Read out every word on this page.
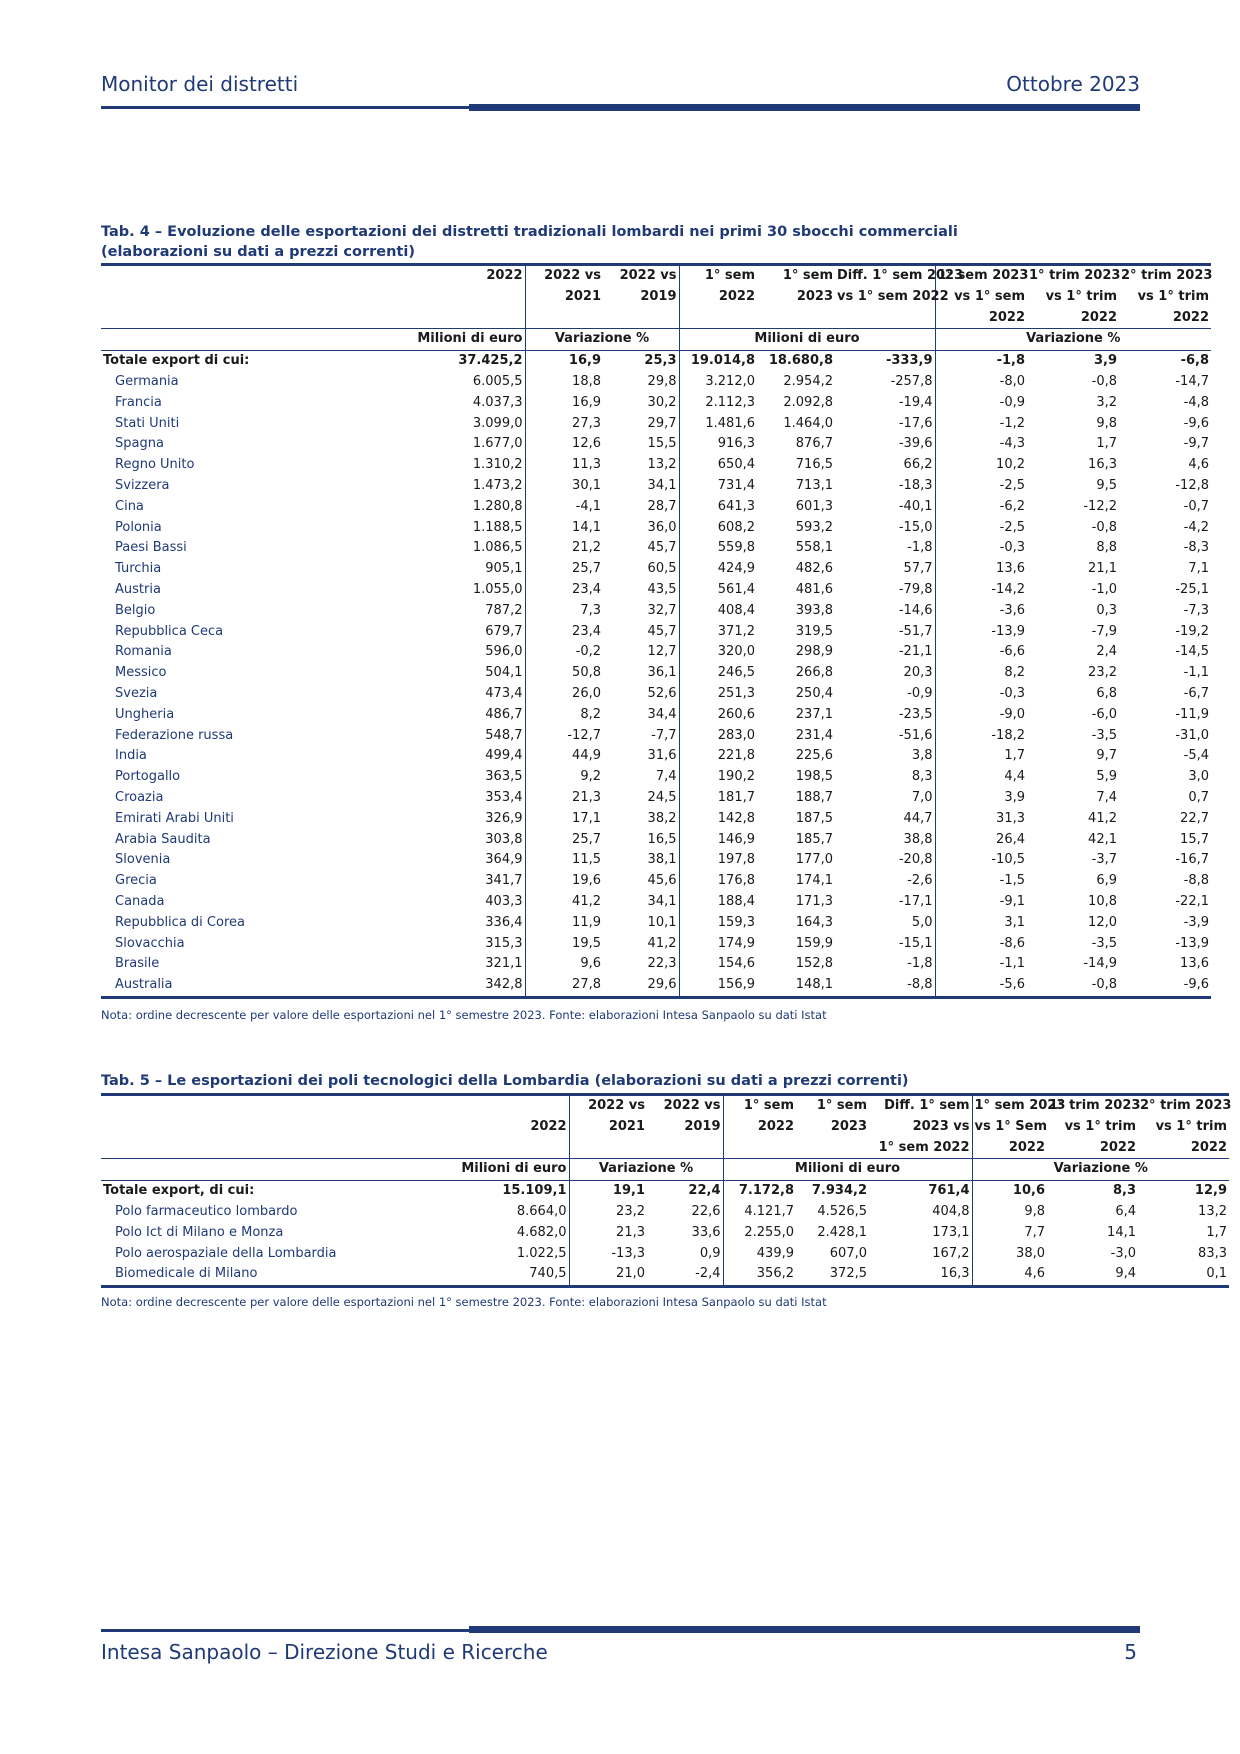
Monitor dei distretti	Ottobre 2023
Tab. 4 – Evoluzione delle esportazioni dei distretti tradizionali lombardi nei primi 30 sbocchi commerciali
(elaborazioni su dati a prezzi correnti)
	2022	2022 vs	2022 vs	1° sem	1° sem	Diff. 1° sem 2023	1° sem 2023	1° trim 2023	2° trim 2023
		2021	2019	2022	2023	vs 1° sem 2022	vs 1° sem	vs 1° trim	vs 1° trim
							2022	2022	2022
Milioni di euro		Variazione %		Milioni di euro			Variazione %		
Totale export di cui:	37.425,2	16,9	25,3	19.014,8	18.680,8	-333,9	-1,8	3,9	-6,8
Germania	6.005,5	18,8	29,8	3.212,0	2.954,2	-257,8	-8,0	-0,8	-14,7
Francia	4.037,3	16,9	30,2	2.112,3	2.092,8	-19,4	-0,9	3,2	-4,8
Stati Uniti	3.099,0	27,3	29,7	1.481,6	1.464,0	-17,6	-1,2	9,8	-9,6
Spagna	1.677,0	12,6	15,5	916,3	876,7	-39,6	-4,3	1,7	-9,7
Regno Unito	1.310,2	11,3	13,2	650,4	716,5	66,2	10,2	16,3	4,6
Svizzera	1.473,2	30,1	34,1	731,4	713,1	-18,3	-2,5	9,5	-12,8
Cina	1.280,8	-4,1	28,7	641,3	601,3	-40,1	-6,2	-12,2	-0,7
Polonia	1.188,5	14,1	36,0	608,2	593,2	-15,0	-2,5	-0,8	-4,2
Paesi Bassi	1.086,5	21,2	45,7	559,8	558,1	-1,8	-0,3	8,8	-8,3
Turchia	905,1	25,7	60,5	424,9	482,6	57,7	13,6	21,1	7,1
Austria	1.055,0	23,4	43,5	561,4	481,6	-79,8	-14,2	-1,0	-25,1
Belgio	787,2	7,3	32,7	408,4	393,8	-14,6	-3,6	0,3	-7,3
Repubblica Ceca	679,7	23,4	45,7	371,2	319,5	-51,7	-13,9	-7,9	-19,2
Romania	596,0	-0,2	12,7	320,0	298,9	-21,1	-6,6	2,4	-14,5
Messico	504,1	50,8	36,1	246,5	266,8	20,3	8,2	23,2	-1,1
Svezia	473,4	26,0	52,6	251,3	250,4	-0,9	-0,3	6,8	-6,7
Ungheria	486,7	8,2	34,4	260,6	237,1	-23,5	-9,0	-6,0	-11,9
Federazione russa	548,7	-12,7	-7,7	283,0	231,4	-51,6	-18,2	-3,5	-31,0
India	499,4	44,9	31,6	221,8	225,6	3,8	1,7	9,7	-5,4
Portogallo	363,5	9,2	7,4	190,2	198,5	8,3	4,4	5,9	3,0
Croazia	353,4	21,3	24,5	181,7	188,7	7,0	3,9	7,4	0,7
Emirati Arabi Uniti	326,9	17,1	38,2	142,8	187,5	44,7	31,3	41,2	22,7
Arabia Saudita	303,8	25,7	16,5	146,9	185,7	38,8	26,4	42,1	15,7
Slovenia	364,9	11,5	38,1	197,8	177,0	-20,8	-10,5	-3,7	-16,7
Grecia	341,7	19,6	45,6	176,8	174,1	-2,6	-1,5	6,9	-8,8
Canada	403,3	41,2	34,1	188,4	171,3	-17,1	-9,1	10,8	-22,1
Repubblica di Corea	336,4	11,9	10,1	159,3	164,3	5,0	3,1	12,0	-3,9
Slovacchia	315,3	19,5	41,2	174,9	159,9	-15,1	-8,6	-3,5	-13,9
Brasile	321,1	9,6	22,3	154,6	152,8	-1,8	-1,1	-14,9	13,6
Australia	342,8	27,8	29,6	156,9	148,1	-8,8	-5,6	-0,8	-9,6
Nota: ordine decrescente per valore delle esportazioni nel 1° semestre 2023. Fonte: elaborazioni Intesa Sanpaolo su dati Istat
Tab. 5 – Le esportazioni dei poli tecnologici della Lombardia (elaborazioni su dati a prezzi correnti)
		2022 vs	2022 vs	1° sem	1° sem	Diff. 1° sem	1° sem 2023	1° trim 2023	2° trim 2023
	2022	2021	2019	2022	2023	2023 vs	vs 1° Sem	vs 1° trim	vs 1° trim
						1° sem 2022	2022	2022	2022
Milioni di euro		Variazione %		Milioni di euro			Variazione %		
Totale export, di cui:	15.109,1	19,1	22,4	7.172,8	7.934,2	761,4	10,6	8,3	12,9
Polo farmaceutico lombardo	8.664,0	23,2	22,6	4.121,7	4.526,5	404,8	9,8	6,4	13,2
Polo Ict di Milano e Monza	4.682,0	21,3	33,6	2.255,0	2.428,1	173,1	7,7	14,1	1,7
Polo aerospaziale della Lombardia	1.022,5	-13,3	0,9	439,9	607,0	167,2	38,0	-3,0	83,3
Biomedicale di Milano	740,5	21,0	-2,4	356,2	372,5	16,3	4,6	9,4	0,1
Nota: ordine decrescente per valore delle esportazioni nel 1° semestre 2023. Fonte: elaborazioni Intesa Sanpaolo su dati Istat
Intesa Sanpaolo – Direzione Studi e Ricerche	5
